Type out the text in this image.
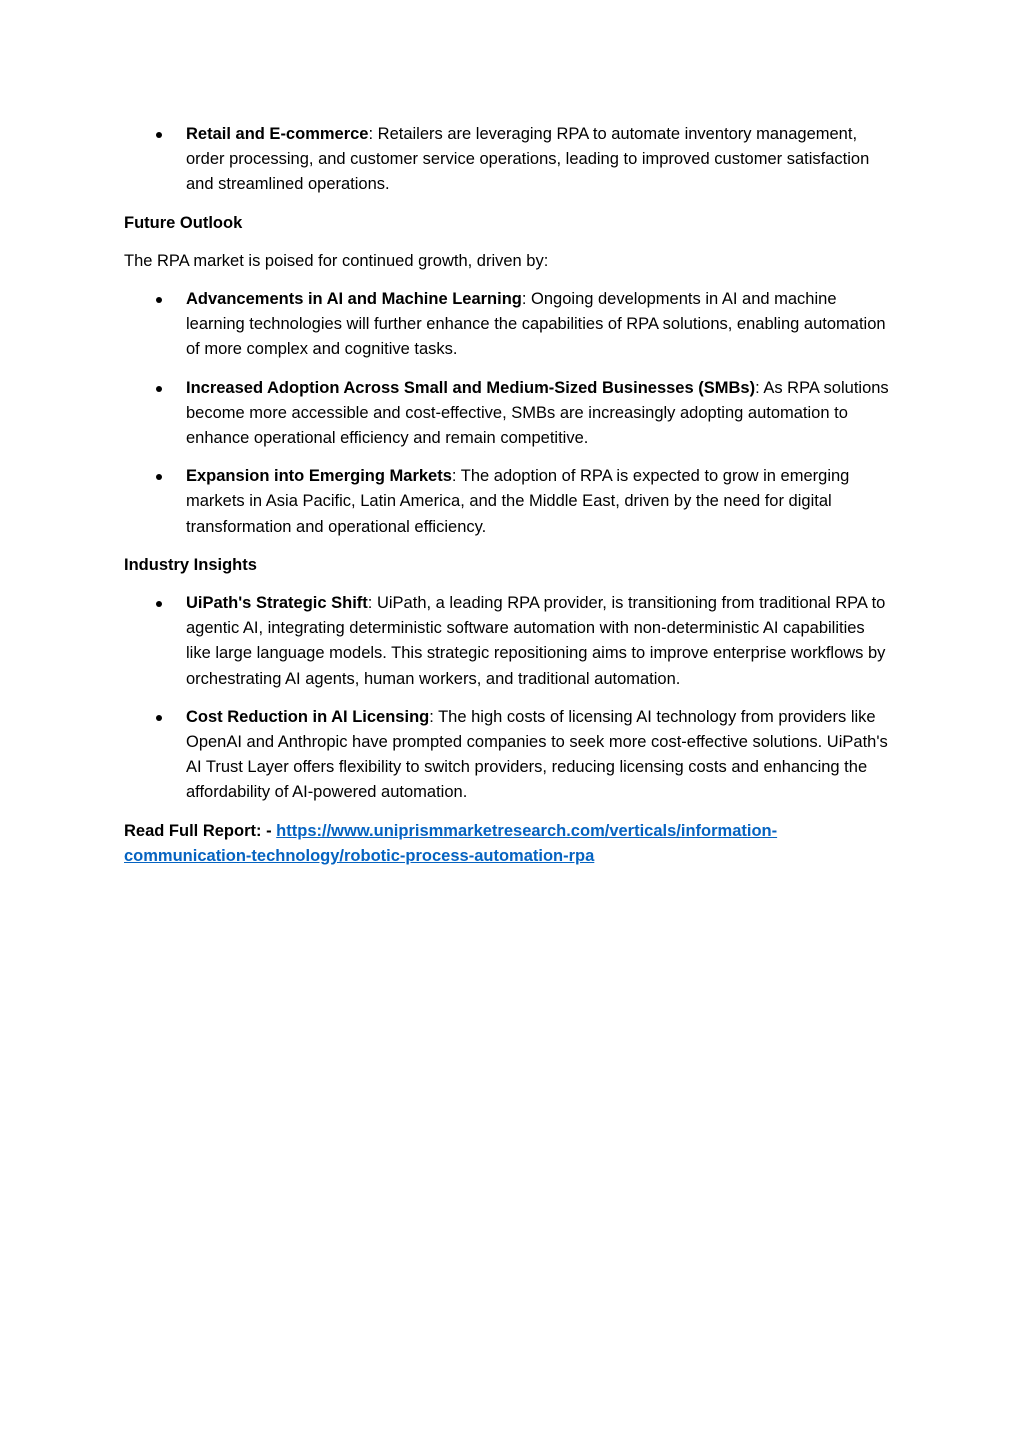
Retail and E-commerce: Retailers are leveraging RPA to automate inventory management, order processing, and customer service operations, leading to improved customer satisfaction and streamlined operations.
Future Outlook
The RPA market is poised for continued growth, driven by:
Advancements in AI and Machine Learning: Ongoing developments in AI and machine learning technologies will further enhance the capabilities of RPA solutions, enabling automation of more complex and cognitive tasks.
Increased Adoption Across Small and Medium-Sized Businesses (SMBs): As RPA solutions become more accessible and cost-effective, SMBs are increasingly adopting automation to enhance operational efficiency and remain competitive.
Expansion into Emerging Markets: The adoption of RPA is expected to grow in emerging markets in Asia Pacific, Latin America, and the Middle East, driven by the need for digital transformation and operational efficiency.
Industry Insights
UiPath's Strategic Shift: UiPath, a leading RPA provider, is transitioning from traditional RPA to agentic AI, integrating deterministic software automation with non-deterministic AI capabilities like large language models. This strategic repositioning aims to improve enterprise workflows by orchestrating AI agents, human workers, and traditional automation.
Cost Reduction in AI Licensing: The high costs of licensing AI technology from providers like OpenAI and Anthropic have prompted companies to seek more cost-effective solutions. UiPath's AI Trust Layer offers flexibility to switch providers, reducing licensing costs and enhancing the affordability of AI-powered automation.
Read Full Report: - https://www.uniprismmarketresearch.com/verticals/information-communication-technology/robotic-process-automation-rpa
